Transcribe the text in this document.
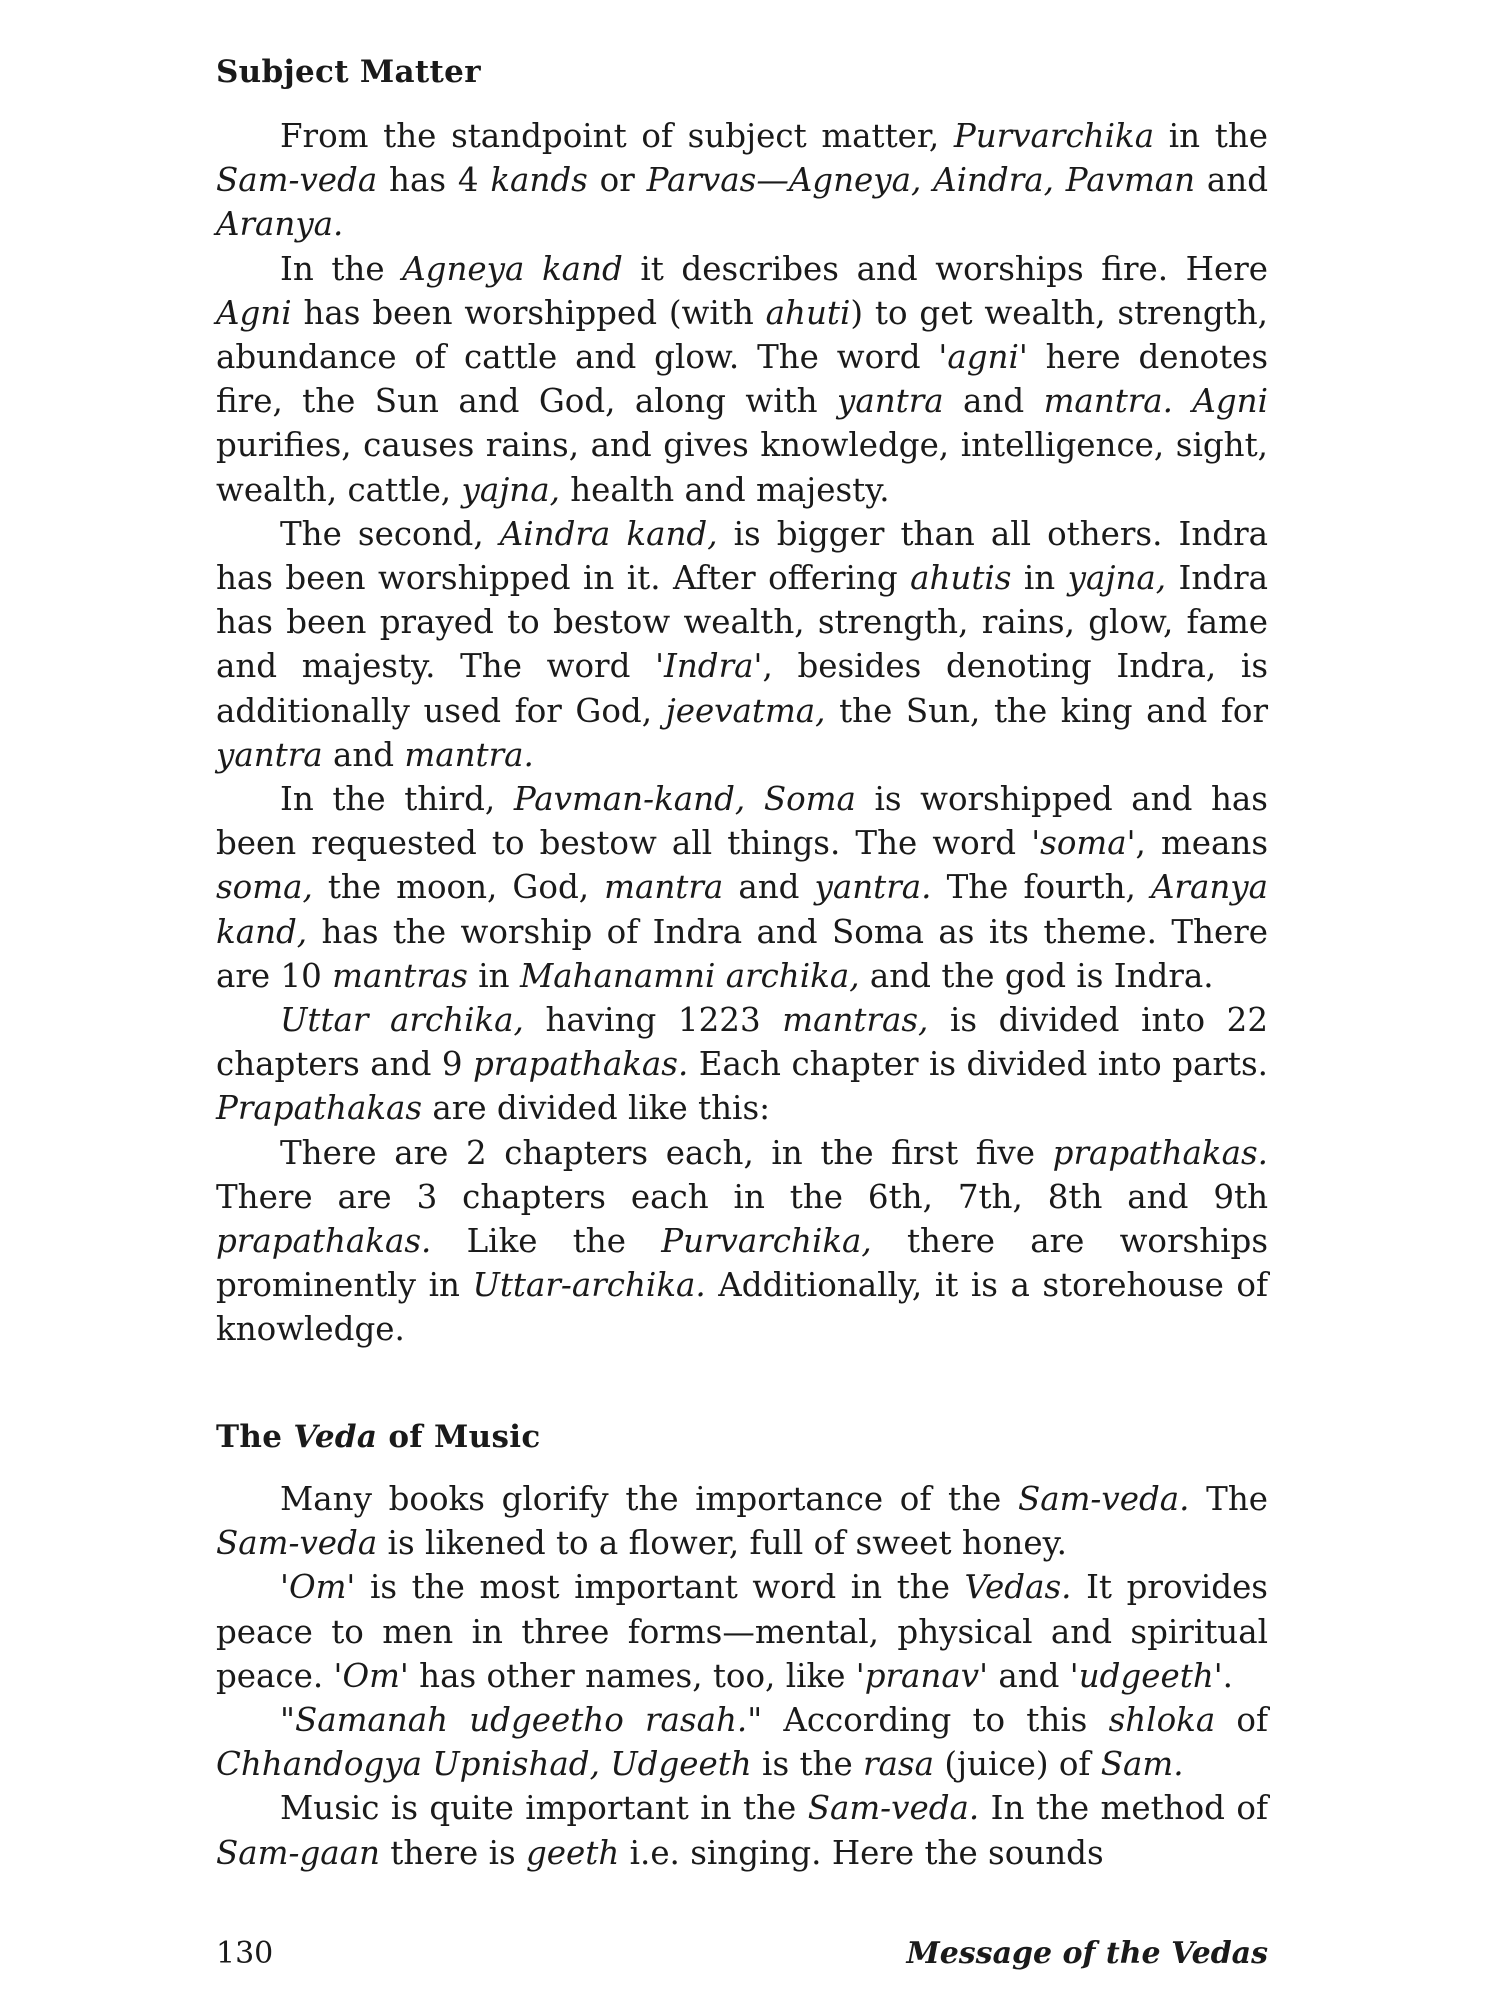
Subject Matter

From the standpoint of subject matter, Purvarchika in the Sam-veda has 4 kands or Parvas—Agneya, Aindra, Pavman and Aranya.

In the Agneya kand it describes and worships fire. Here Agni has been worshipped (with ahuti) to get wealth, strength, abundance of cattle and glow. The word 'agni' here denotes fire, the Sun and God, along with yantra and mantra. Agni purifies, causes rains, and gives knowledge, intelligence, sight, wealth, cattle, yajna, health and majesty.

The second, Aindra kand, is bigger than all others. Indra has been worshipped in it. After offering ahutis in yajna, Indra has been prayed to bestow wealth, strength, rains, glow, fame and majesty. The word 'Indra', besides denoting Indra, is additionally used for God, jeevatma, the Sun, the king and for yantra and mantra.

In the third, Pavman-kand, Soma is worshipped and has been requested to bestow all things. The word 'soma', means soma, the moon, God, mantra and yantra. The fourth, Aranya kand, has the worship of Indra and Soma as its theme. There are 10 mantras in Mahanamni archika, and the god is Indra.

Uttar archika, having 1223 mantras, is divided into 22 chapters and 9 prapathakas. Each chapter is divided into parts. Prapathakas are divided like this:

There are 2 chapters each, in the first five prapathakas. There are 3 chapters each in the 6th, 7th, 8th and 9th prapathakas. Like the Purvarchika, there are worships prominently in Uttar-archika. Additionally, it is a storehouse of knowledge.

The Veda of Music

Many books glorify the importance of the Sam-veda. The Sam-veda is likened to a flower, full of sweet honey.

'Om' is the most important word in the Vedas. It provides peace to men in three forms—mental, physical and spiritual peace. 'Om' has other names, too, like 'pranav' and 'udgeeth'.

"Samanah udgeetho rasah." According to this shloka of Chhandogya Upnishad, Udgeeth is the rasa (juice) of Sam.

Music is quite important in the Sam-veda. In the method of Sam-gaan there is geeth i.e. singing. Here the sounds

130	Message of the Vedas
